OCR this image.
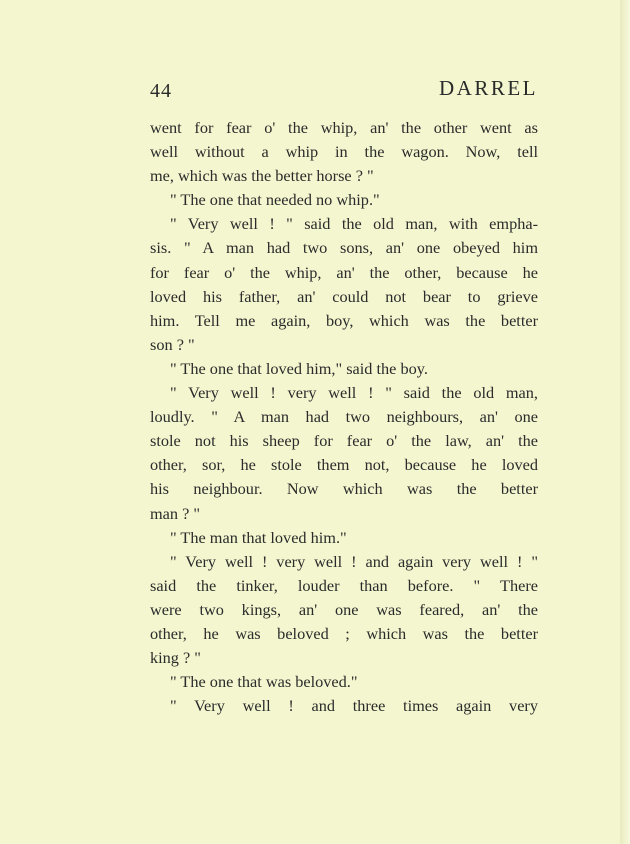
44	DARREL

went for fear o' the whip, an' the other went as
well without a whip in the wagon. Now, tell
me, which was the better horse ? "

" The one that needed no whip."

" Very well ! " said the old man, with empha-
sis. " A man had two sons, an' one obeyed him
for fear o' the whip, an' the other, because he
loved his father, an' could not bear to grieve
him. Tell me again, boy, which was the better
son ? "

" The one that loved him," said the boy.

" Very well ! very well ! " said the old man,
loudly. " A man had two neighbours, an' one
stole not his sheep for fear o' the law, an' the
other, sor, he stole them not, because he loved
his neighbour. Now which was the better
man ? "

" The man that loved him."

" Very well ! very well ! and again very well ! "
said the tinker, louder than before. " There
were two kings, an' one was feared, an' the
other, he was beloved ; which was the better
king ? "

" The one that was beloved."

" Very well ! and three times again very
